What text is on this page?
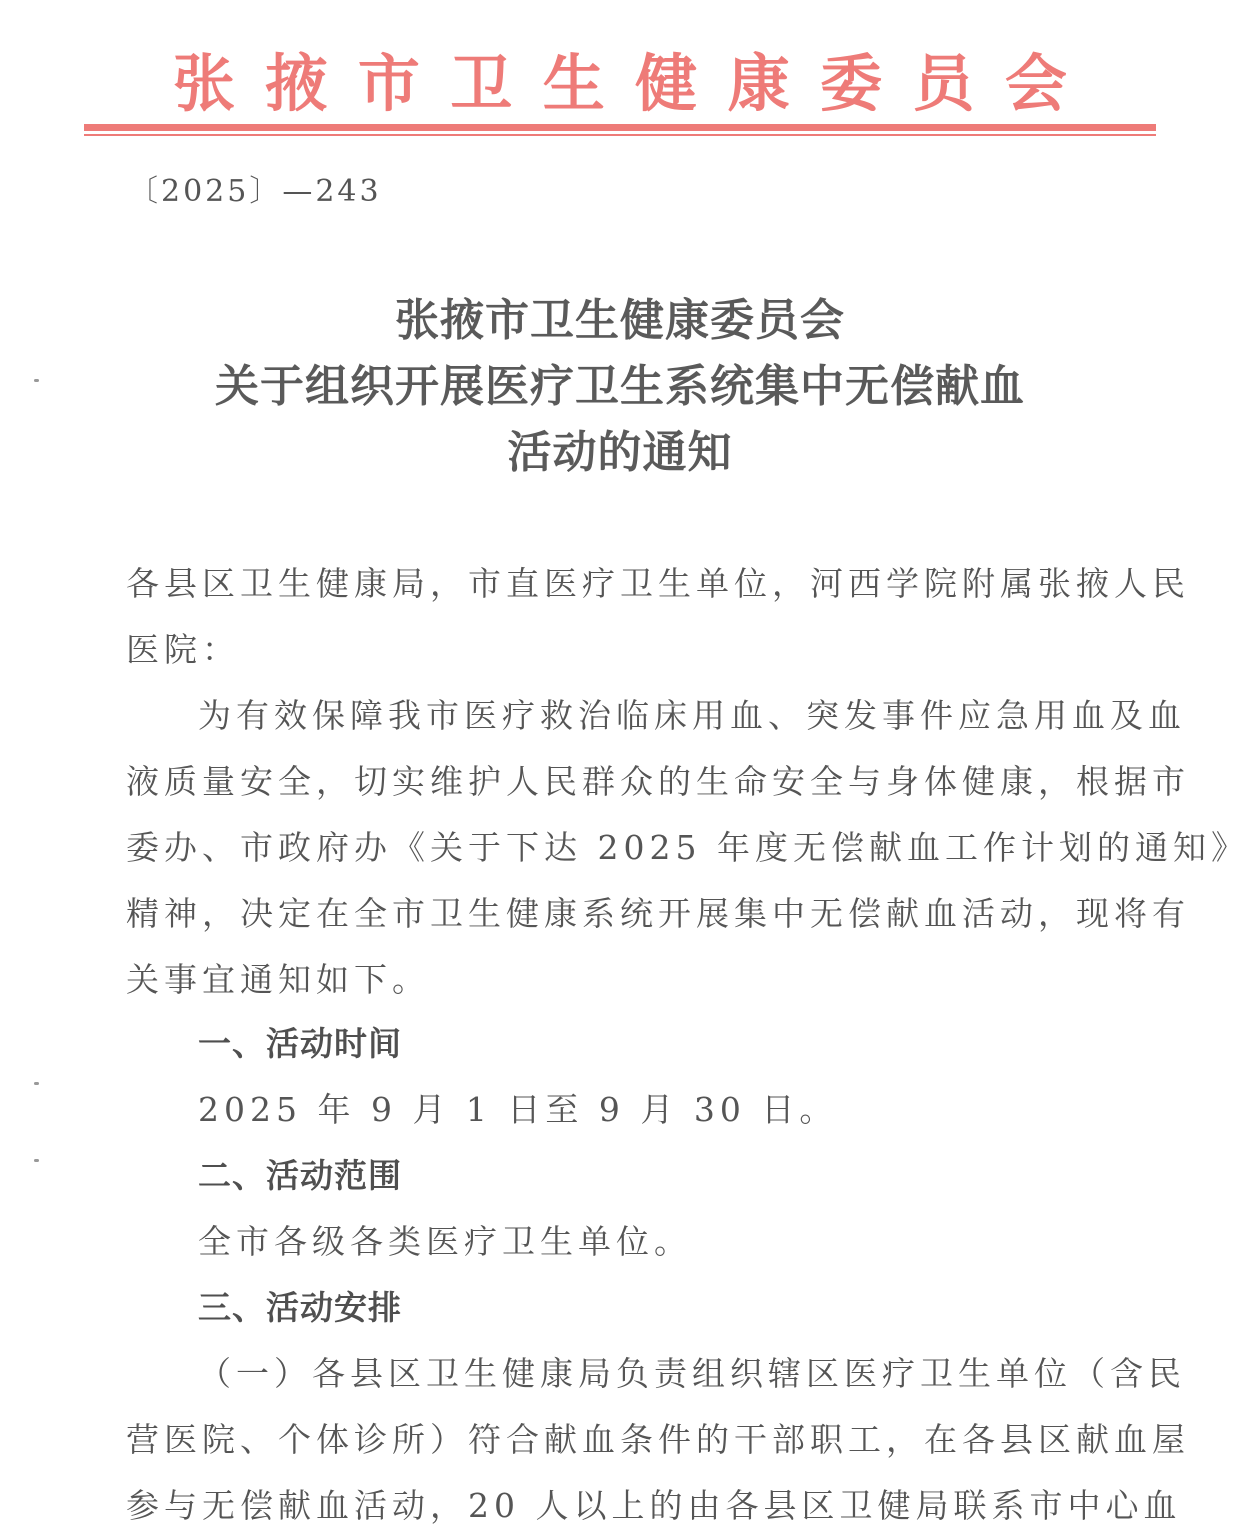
张 掖 市 卫 生 健 康 委 员 会
〔2025〕—243
张掖市卫生健康委员会
关于组织开展医疗卫生系统集中无偿献血
活动的通知
各县区卫生健康局，市直医疗卫生单位，河西学院附属张掖人民
医院：
为有效保障我市医疗救治临床用血、突发事件应急用血及血
液质量安全，切实维护人民群众的生命安全与身体健康，根据市
委办、市政府办《关于下达 2025 年度无偿献血工作计划的通知》
精神，决定在全市卫生健康系统开展集中无偿献血活动，现将有
关事宜通知如下。
一、活动时间
2025 年 9 月 1 日至 9 月 30 日。
二、活动范围
全市各级各类医疗卫生单位。
三、活动安排
（一）各县区卫生健康局负责组织辖区医疗卫生单位（含民
营医院、个体诊所）符合献血条件的干部职工，在各县区献血屋
参与无偿献血活动，20 人以上的由各县区卫健局联系市中心血
